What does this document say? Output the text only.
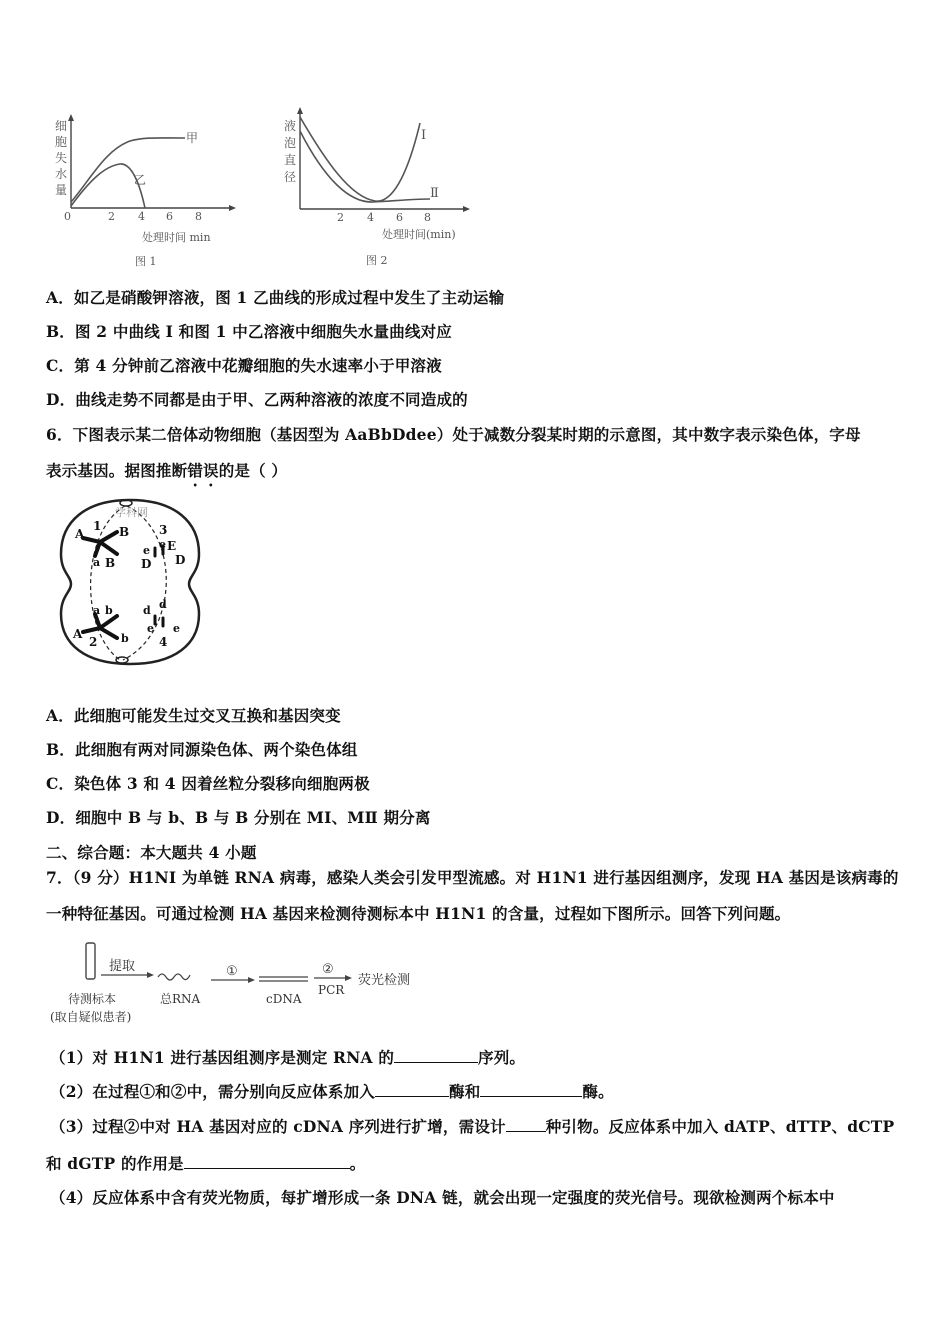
细
胞
失
水
量
甲
乙
0	2 4 6 8
处理时间 min
图 1
液
泡
直
径
I
Ⅱ
2 4 6 8
处理时间(min)
图 2
A．如乙是硝酸钾溶液，图 1 乙曲线的形成过程中发生了主动运输
B．图 2 中曲线 I 和图 1 中乙溶液中细胞失水量曲线对应
C．第 4 分钟前乙溶液中花瓣细胞的失水速率小于甲溶液
D．曲线走势不同都是由于甲、乙两种溶液的浓度不同造成的
6．下图表示某二倍体动物细胞（基因型为 AaBbDdee）处于减数分裂某时期的示意图，其中数字表示染色体，字母
表示基因。据图推断错误的是（ ）
学科网
1
2
3
4
A	B
a B
e e E
D D
a b
A	b
d d
e e
A．此细胞可能发生过交叉互换和基因突变
B．此细胞有两对同源染色体、两个染色体组
C．染色体 3 和 4 因着丝粒分裂移向细胞两极
D．细胞中 B 与 b、B 与 B 分别在 MⅠ、MⅡ 期分离
二、综合题：本大题共 4 小题
7．（9 分）H1NI 为单链 RNA 病毒，感染人类会引发甲型流感。对 H1N1 进行基因组测序，发现 HA 基因是该病毒的
一种特征基因。可通过检测 HA 基因来检测待测标本中 H1N1 的含量，过程如下图所示。回答下列问题。
提取	①	②
PCR
荧光检测
待测标本
(取自疑似患者)
总RNA	cDNA
（1）对 H1N1 进行基因组测序是测定 RNA 的	序列。
（2）在过程①和②中，需分别向反应体系加入	酶和	酶。
（3）过程②中对 HA 基因对应的 cDNA 序列进行扩增，需设计	种引物。反应体系中加入 dATP、dTTP、dCTP
和 dGTP 的作用是	。
（4）反应体系中含有荧光物质，每扩增形成一条 DNA 链，就会出现一定强度的荧光信号。现欲检测两个标本中
